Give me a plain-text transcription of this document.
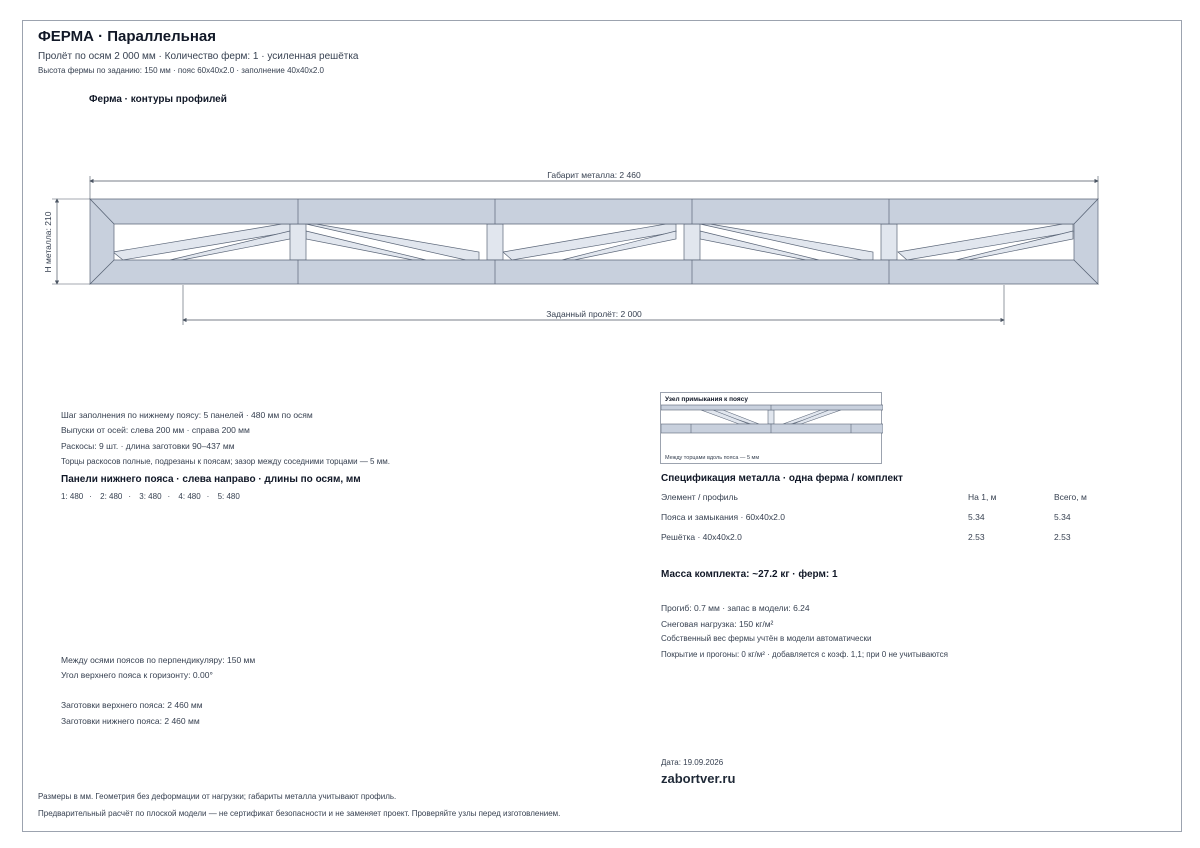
ФЕРМА · Параллельная
Пролёт по осям 2 000 мм · Количество ферм: 1 · усиленная решётка
Высота фермы по заданию: 150 мм · пояс 60x40x2.0 · заполнение 40x40x2.0
Ферма · контуры профилей
Габарит металла: 2 460
H металла: 210
Заданный пролёт: 2 000
Шаг заполнения по нижнему поясу: 5 панелей · 480 мм по осям
Выпуски от осей: слева 200 мм · справа 200 мм
Раскосы: 9 шт. · длина заготовки 90–437 мм
Торцы раскосов полные, подрезаны к поясам; зазор между соседними торцами — 5 мм.
Панели нижнего пояса · слева направо · длины по осям, мм
1: 480 · 2: 480 · 3: 480 · 4: 480 · 5: 480
Между осями поясов по перпендикуляру: 150 мм
Угол верхнего пояса к горизонту: 0.00°
Заготовки верхнего пояса: 2 460 мм
Заготовки нижнего пояса: 2 460 мм
Узел примыкания к поясу
Между торцами вдоль пояса — 5 мм
Спецификация металла · одна ферма / комплект
Элемент / профиль	На 1, м	Всего, м
Пояса и замыкания · 60x40x2.0	5.34	5.34
Решётка · 40x40x2.0	2.53	2.53
Масса комплекта: ~27.2 кг · ферм: 1
Прогиб: 0.7 мм · запас в модели: 6.24
Снеговая нагрузка: 150 кг/м²
Собственный вес фермы учтён в модели автоматически
Покрытие и прогоны: 0 кг/м² · добавляется с коэф. 1,1; при 0 не учитываются
Дата: 19.09.2026
zabortver.ru
Размеры в мм. Геометрия без деформации от нагрузки; габариты металла учитывают профиль.
Предварительный расчёт по плоской модели — не сертификат безопасности и не заменяет проект. Проверяйте узлы перед изготовлением.
